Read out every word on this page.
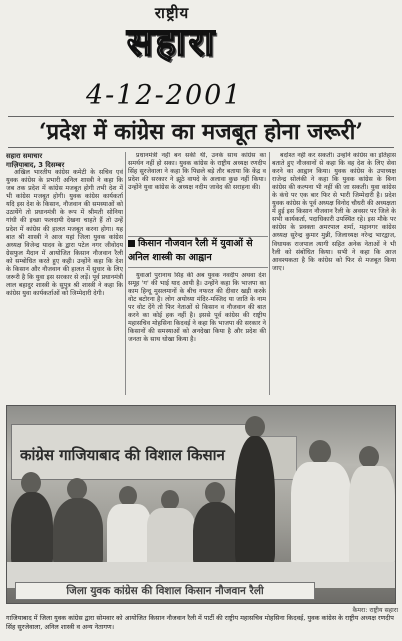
राष्ट्रीय
सहारा
4-12-2001
‘प्रदेश में कांग्रेस का मजबूत होना जरूरी’

सहारा समाचार

गाज़ियाबाद, 3 दिसम्बर

अखिल भारतीय कांग्रेस कमेटी के सचिव एवं युवक कांग्रेस के प्रभारी अनिल शास्त्री ने कहा कि जब तक प्रदेश में कांग्रेस मजबूत होगी तभी देश में भी कांग्रेस मजबूत होगी। युवक कांग्रेस कार्यकर्ता यदि इस देश के किसान, नौजवान की समस्याओं को उठायेंगे तो प्रधानमंत्री के रूप में श्रीमती सोनिया गांधी की इच्छा फलदायी देखना चाहते हैं तो उन्हें प्रदेश में कांग्रेस की हालत मजबूत करना होगा। यह बात श्री शास्त्री ने आज यहां जिला युवक कांग्रेस अध्यक्ष विजेन्द्र यादव के द्वारा पटेल नगर जीवोदय ग्रेसफुल मैदान में आयोजित किसान नौजवान रैली को सम्बोधित करते हुए कही। उन्होंने कहा कि देश के किसान और नौजवान की हालत में सुधार के लिए जरूरी है कि युवा इस सरकार से लड़ें। पूर्व प्रधानमंत्री लाल बहादुर शास्त्री के सुपुत्र श्री शास्त्री ने कहा कि कांग्रेस युवा कार्यकर्ताओं को जिम्मेदारी देगी।

प्रधानमंत्री नहीं बन सकी थी, उनके साथ कांग्रेस का समर्थन नहीं हो सका। युवक कांग्रेस के राष्ट्रीय अध्यक्ष रणदीप सिंह सुरजेवाला ने कहा कि पिछले बड़े तौर बताया कि केंद्र व प्रदेश की सरकार ने झूठे वायदे के अलावा कुछ नहीं किया। उन्होंने युवा कांग्रेस के अध्यक्ष नदीम जावेद की सराहना की।

किसान नौजवान रैली में युवाओं से अनिल शास्त्री का आह्वान

युवाओं पुरानाथ सिंह की अब युवक नवदीप अथवा देश समूह 'ग' की भाई याद आयी है। उन्होंने कहा कि भाजपा का काम हिन्दू मुसलमानों के बीच नफरत की दीवार खड़ी करके वोट बटोरना है। लोग अयोध्या मंदिर-मस्जिद या जाति के नाम पर वोट देंगे तो फिर नेताओं से किसान व नौजवान की बात करने का कोई हक नहीं है। इससे पूर्व कांग्रेस की राष्ट्रीय महासचिव मोहसिना किदवई ने कहा कि भाजपा की सरकार ने किसानों की समस्याओं को अनदेखा किया है और प्रदेश की जनता के साथ धोखा किया है।

बर्दाश्त नहीं कर सकती। उन्होंने कांग्रेस का इतिहास बताते हुए नौजवानों से कहा कि वह देश के लिए सेवा करने का आह्वान किया। युवक कांग्रेस के उपाध्यक्ष राजेन्द्र सोलंकी ने कहा कि युवक कांग्रेस के बिना कांग्रेस की कल्पना भी नहीं की जा सकती। युवा कांग्रेस के कंधे पर एक बार फिर से भारी जिम्मेदारी है। प्रदेश युवक कांग्रेस के पूर्व अध्यक्ष विनोद चौधरी की अध्यक्षता में हुई इस किसान नौजवान रैली के अवसर पर जिले के सभी कार्यकर्ता, पदाधिकारी उपस्थित रहे। इस मौके पर कांग्रेस के प्रवक्ता अमरपाल शर्मा, महानगर कांग्रेस अध्यक्ष सुरेन्द्र कुमार मुन्नी, जिलाध्यक्ष नरेन्द्र भारद्वाज, विधायक राजपाल त्यागी सहित अनेक नेताओं ने भी रैली को संबोधित किया। सभी ने कहा कि आज आवश्यकता है कि कांग्रेस को फिर से मजबूत किया जाए।

कांग्रेस गाजियाबाद की विशाल किसान
जिला युवक कांग्रेस की विशाल किसान नौजवान रैली
कैमरा: राष्ट्रीय सहारा
गाजियाबाद में जिला युवक कांग्रेस द्वारा सोमवार को आयोजित किसान नौजवान रैली में पार्टी की राष्ट्रीय महासचिव मोहसिना किदवई, युवक कांग्रेस के राष्ट्रीय अध्यक्ष रणदीप सिंह सुरजेवाला, अनिल शास्त्री व अन्य नेतागण।
